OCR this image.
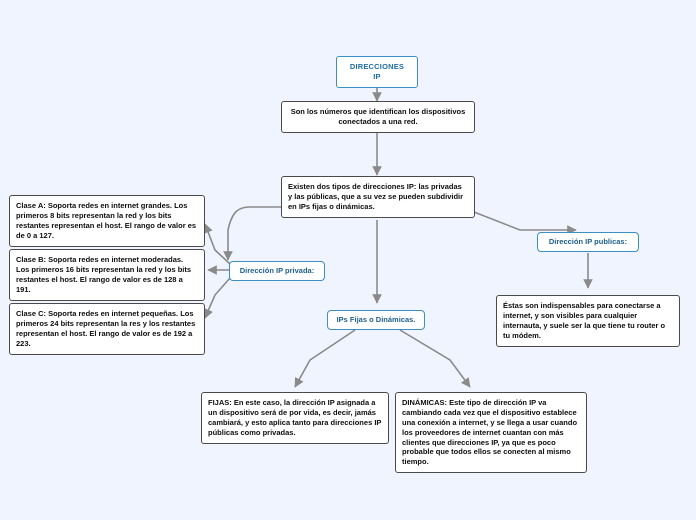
DIRECCIONES IP
Son los números que identifican los dispositivos conectados a una red.
Existen dos tipos de direcciones IP: las privadas y las públicas, que a su vez se pueden subdividir en IPs fijas o dinámicas.
Dirección IP privada:
Dirección IP publicas:
Éstas son indispensables para conectarse a internet, y son visibles para cualquier internauta, y suele ser la que tiene tu router o tu módem.
Clase A: Soporta redes en internet grandes. Los primeros 8 bits representan la red y los bits restantes representan el host. El rango de valor es de 0 a 127.
Clase B: Soporta redes en internet moderadas. Los primeros 16 bits representan la red y los bits restantes el host. El rango de valor es de 128 a 191.
Clase C: Soporta redes en internet pequeñas. Los primeros 24 bits representan la res y los restantes representan el host. El rango de valor es de 192 a 223.
IPs Fijas o Dinámicas.
FIJAS: En este caso, la dirección IP asignada a un dispositivo será de por vida, es decir, jamás cambiará, y esto aplica tanto para direcciones IP públicas como privadas.
DINÁMICAS: Este tipo de dirección IP va cambiando cada vez que el dispositivo establece una conexión a internet, y se llega a usar cuando los proveedores de internet cuantan con más clientes que direcciones IP, ya que es poco probable que todos ellos se conecten al mismo tiempo.
